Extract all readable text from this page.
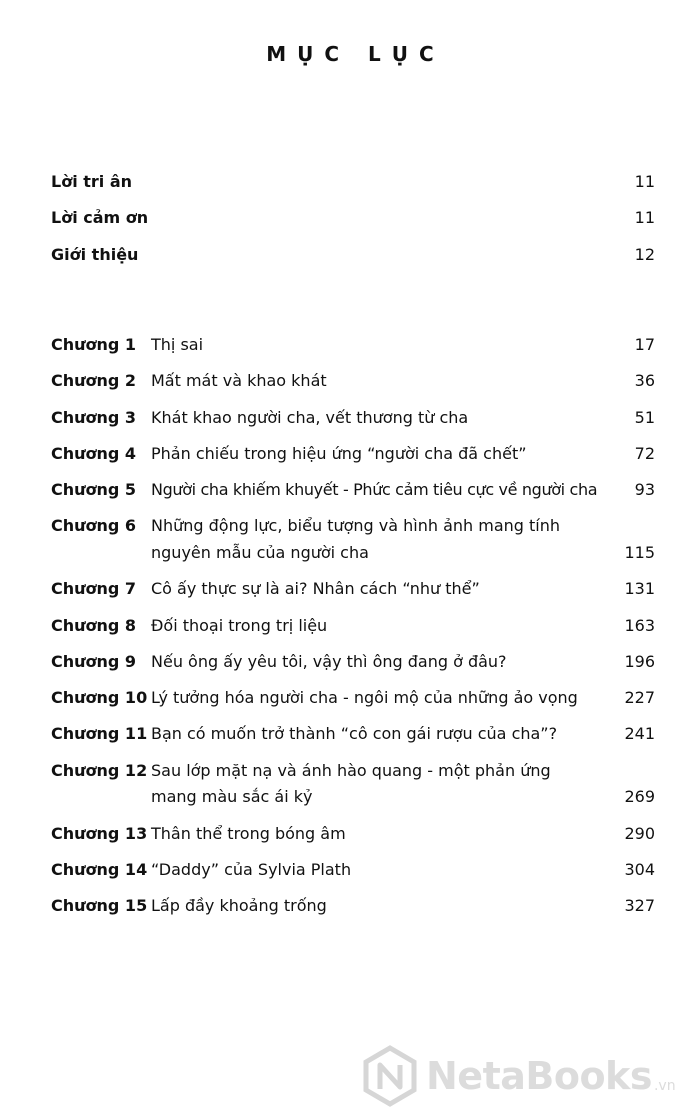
MỤC LỤC
Lời tri ân	11
Lời cảm ơn	11
Giới thiệu	12
Chương 1 Thị sai	17
Chương 2 Mất mát và khao khát	36
Chương 3 Khát khao người cha, vết thương từ cha	51
Chương 4 Phản chiếu trong hiệu ứng “người cha đã chết”	72
Chương 5 Người cha khiếm khuyết - Phức cảm tiêu cực về người cha	93
Chương 6 Những động lực, biểu tượng và hình ảnh mang tính
nguyên mẫu của người cha	115
Chương 7 Cô ấy thực sự là ai? Nhân cách “như thể”	131
Chương 8 Đối thoại trong trị liệu	163
Chương 9 Nếu ông ấy yêu tôi, vậy thì ông đang ở đâu?	196
Chương 10 Lý tưởng hóa người cha - ngôi mộ của những ảo vọng	227
Chương 11 Bạn có muốn trở thành “cô con gái rượu của cha”?	241
Chương 12 Sau lớp mặt nạ và ánh hào quang - một phản ứng
mang màu sắc ái kỷ	269
Chương 13 Thân thể trong bóng âm	290
Chương 14 “Daddy” của Sylvia Plath	304
Chương 15 Lấp đầy khoảng trống	327
NetaBooks .vn
